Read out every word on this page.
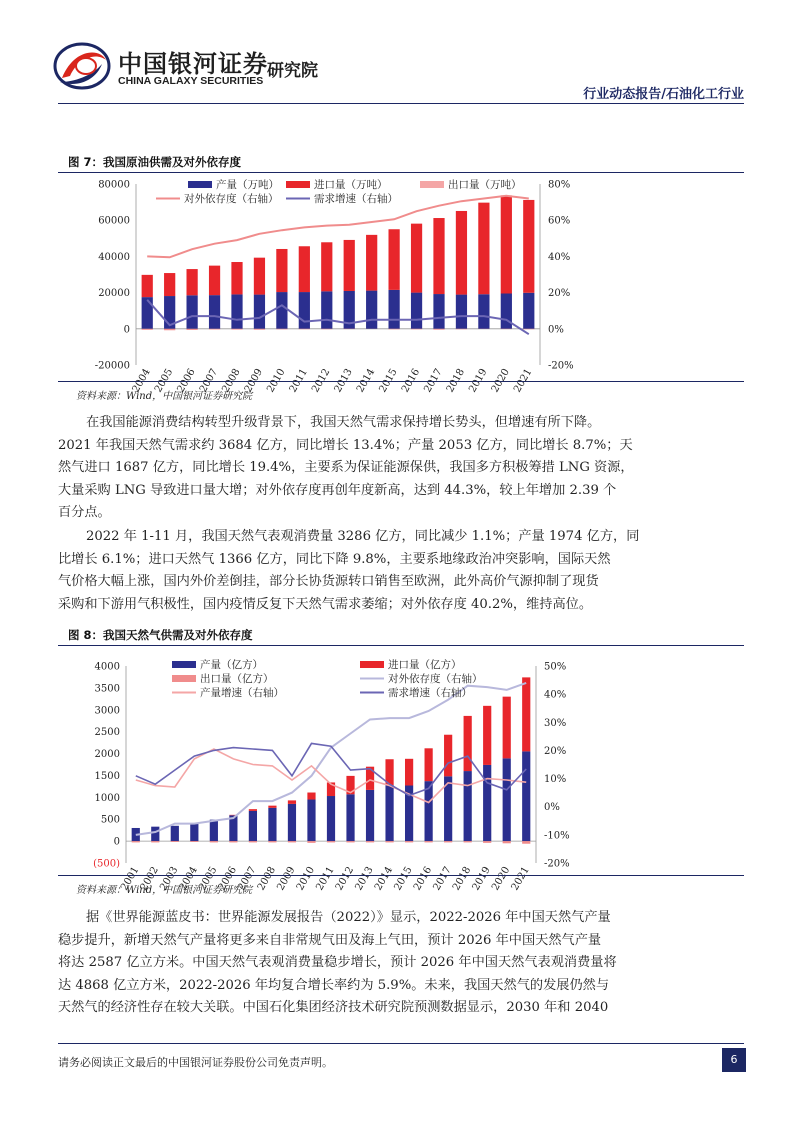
中国银河证券
CHINA GALAXY SECURITIES 研究院
行业动态报告/石油化工行业
图 7：我国原油供需及对外依存度
80000
60000
40000
20000
0
-20000
80%
60%
40%
20%
0%
-20%
2004 2005 2006 2007 2008 2009 2010 2011 2012 2013 2014 2015 2016 2017 2018 2019 2020 2021
产量（万吨）	进口量（万吨）	出口量（万吨）
对外依存度（右轴）	需求增速（右轴）
资料来源：Wind，中国银河证券研究院
在我国能源消费结构转型升级背景下，我国天然气需求保持增长势头，但增速有所下降。
2021 年我国天然气需求约 3684 亿方，同比增长 13.4%；产量 2053 亿方，同比增长 8.7%；天
然气进口 1687 亿方，同比增长 19.4%，主要系为保证能源保供，我国多方积极筹措 LNG 资源，
大量采购 LNG 导致进口量大增；对外依存度再创年度新高，达到 44.3%，较上年增加 2.39 个
百分点。
2022 年 1-11 月，我国天然气表观消费量 3286 亿方，同比减少 1.1%；产量 1974 亿方，同
比增长 6.1%；进口天然气 1366 亿方，同比下降 9.8%，主要系地缘政治冲突影响，国际天然
气价格大幅上涨，国内外价差倒挂，部分长协货源转口销售至欧洲，此外高价气源抑制了现货
采购和下游用气积极性，国内疫情反复下天然气需求萎缩；对外依存度 40.2%，维持高位。
图 8：我国天然气供需及对外依存度
4000
3500
3000
2500
2000
1500
1000
500
0
(500)
50%
40%
30%
20%
10%
0%
-10%
-20%
2001
2002
2003
2004
2005
2006
2007
2008
2009
2010
2011
2012
2013
2014
2015
2016
2017
2018
2019
2020
2021
产量（亿方）	进口量（亿方）
出口量（亿方）	对外依存度（右轴）
产量增速（右轴）	需求增速（右轴）
资料来源：Wind，中国银河证券研究院
据《世界能源蓝皮书：世界能源发展报告（2022）》显示，2022-2026 年中国天然气产量
稳步提升，新增天然气产量将更多来自非常规气田及海上气田，预计 2026 年中国天然气产量
将达 2587 亿立方米。中国天然气表观消费量稳步增长，预计 2026 年中国天然气表观消费量将
达 4868 亿立方米，2022-2026 年均复合增长率约为 5.9%。未来，我国天然气的发展仍然与
天然气的经济性存在较大关联。中国石化集团经济技术研究院预测数据显示，2030 年和 2040
请务必阅读正文最后的中国银河证券股份公司免责声明。	6
